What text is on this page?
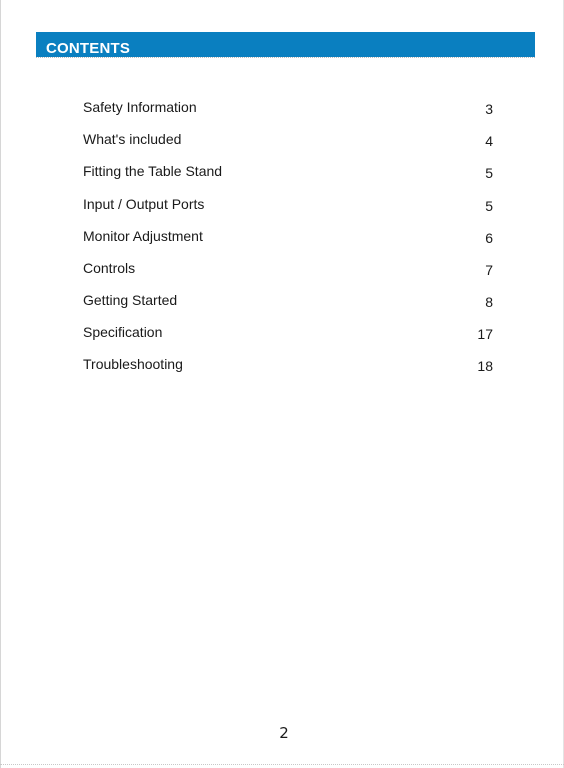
CONTENTS
Safety Information	3
What's included	4
Fitting the Table Stand	5
Input / Output Ports	5
Monitor Adjustment	6
Controls	7
Getting Started	8
Specification	17
Troubleshooting	18
2
